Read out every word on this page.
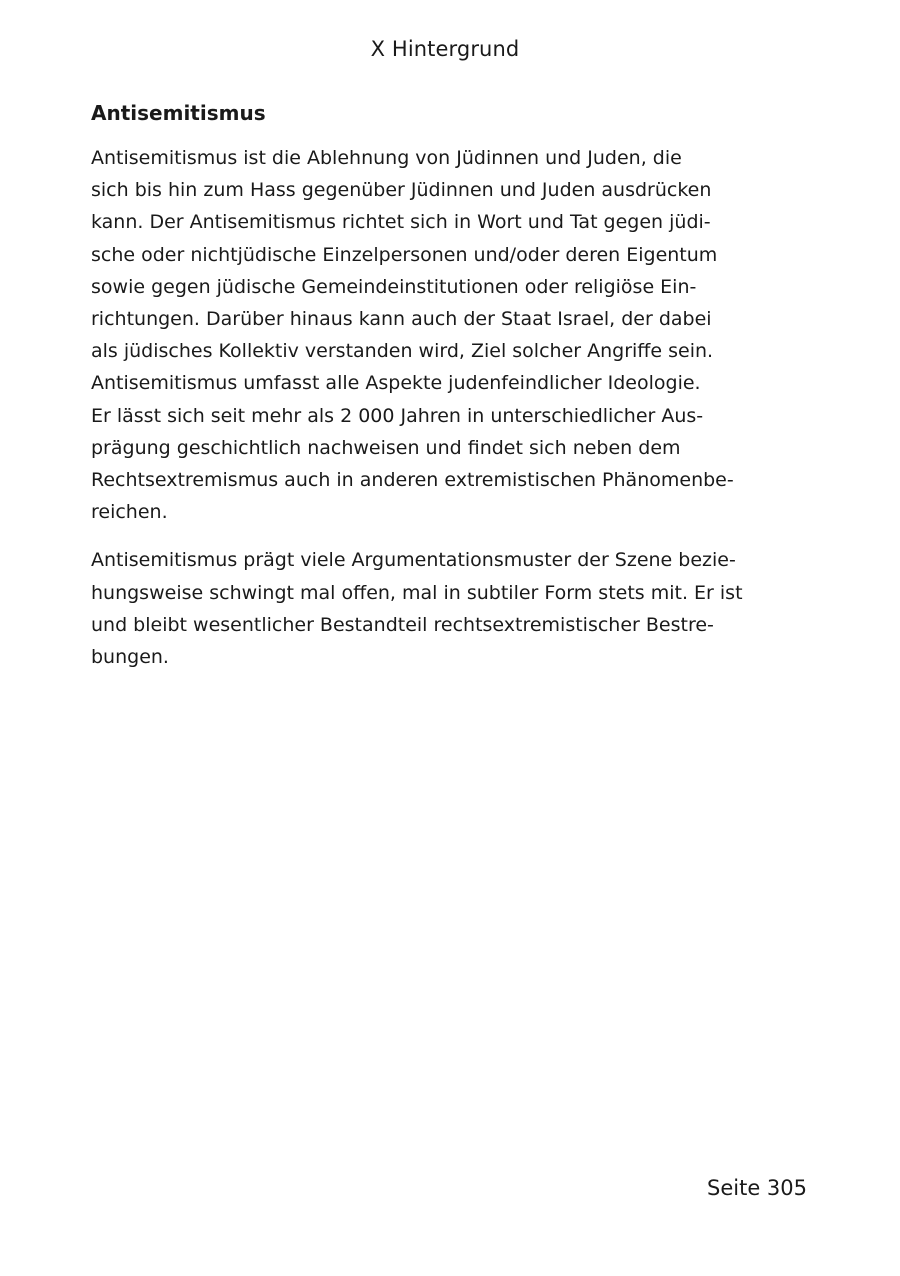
X Hintergrund
Antisemitismus

Antisemitismus ist die Ablehnung von Jüdinnen und Juden, die
sich bis hin zum Hass gegenüber Jüdinnen und Juden ausdrücken
kann. Der Antisemitismus richtet sich in Wort und Tat gegen jüdi-
sche oder nichtjüdische Einzelpersonen und/oder deren Eigentum
sowie gegen jüdische Gemeindeinstitutionen oder religiöse Ein-
richtungen. Darüber hinaus kann auch der Staat Israel, der dabei
als jüdisches Kollektiv verstanden wird, Ziel solcher Angriffe sein.
Antisemitismus umfasst alle Aspekte judenfeindlicher Ideologie.
Er lässt sich seit mehr als 2 000 Jahren in unterschiedlicher Aus-
prägung geschichtlich nachweisen und findet sich neben dem
Rechtsextremismus auch in anderen extremistischen Phänomenbe-
reichen.

Antisemitismus prägt viele Argumentationsmuster der Szene bezie-
hungsweise schwingt mal offen, mal in subtiler Form stets mit. Er ist
und bleibt wesentlicher Bestandteil rechtsextremistischer Bestre-
bungen.

Seite 305
